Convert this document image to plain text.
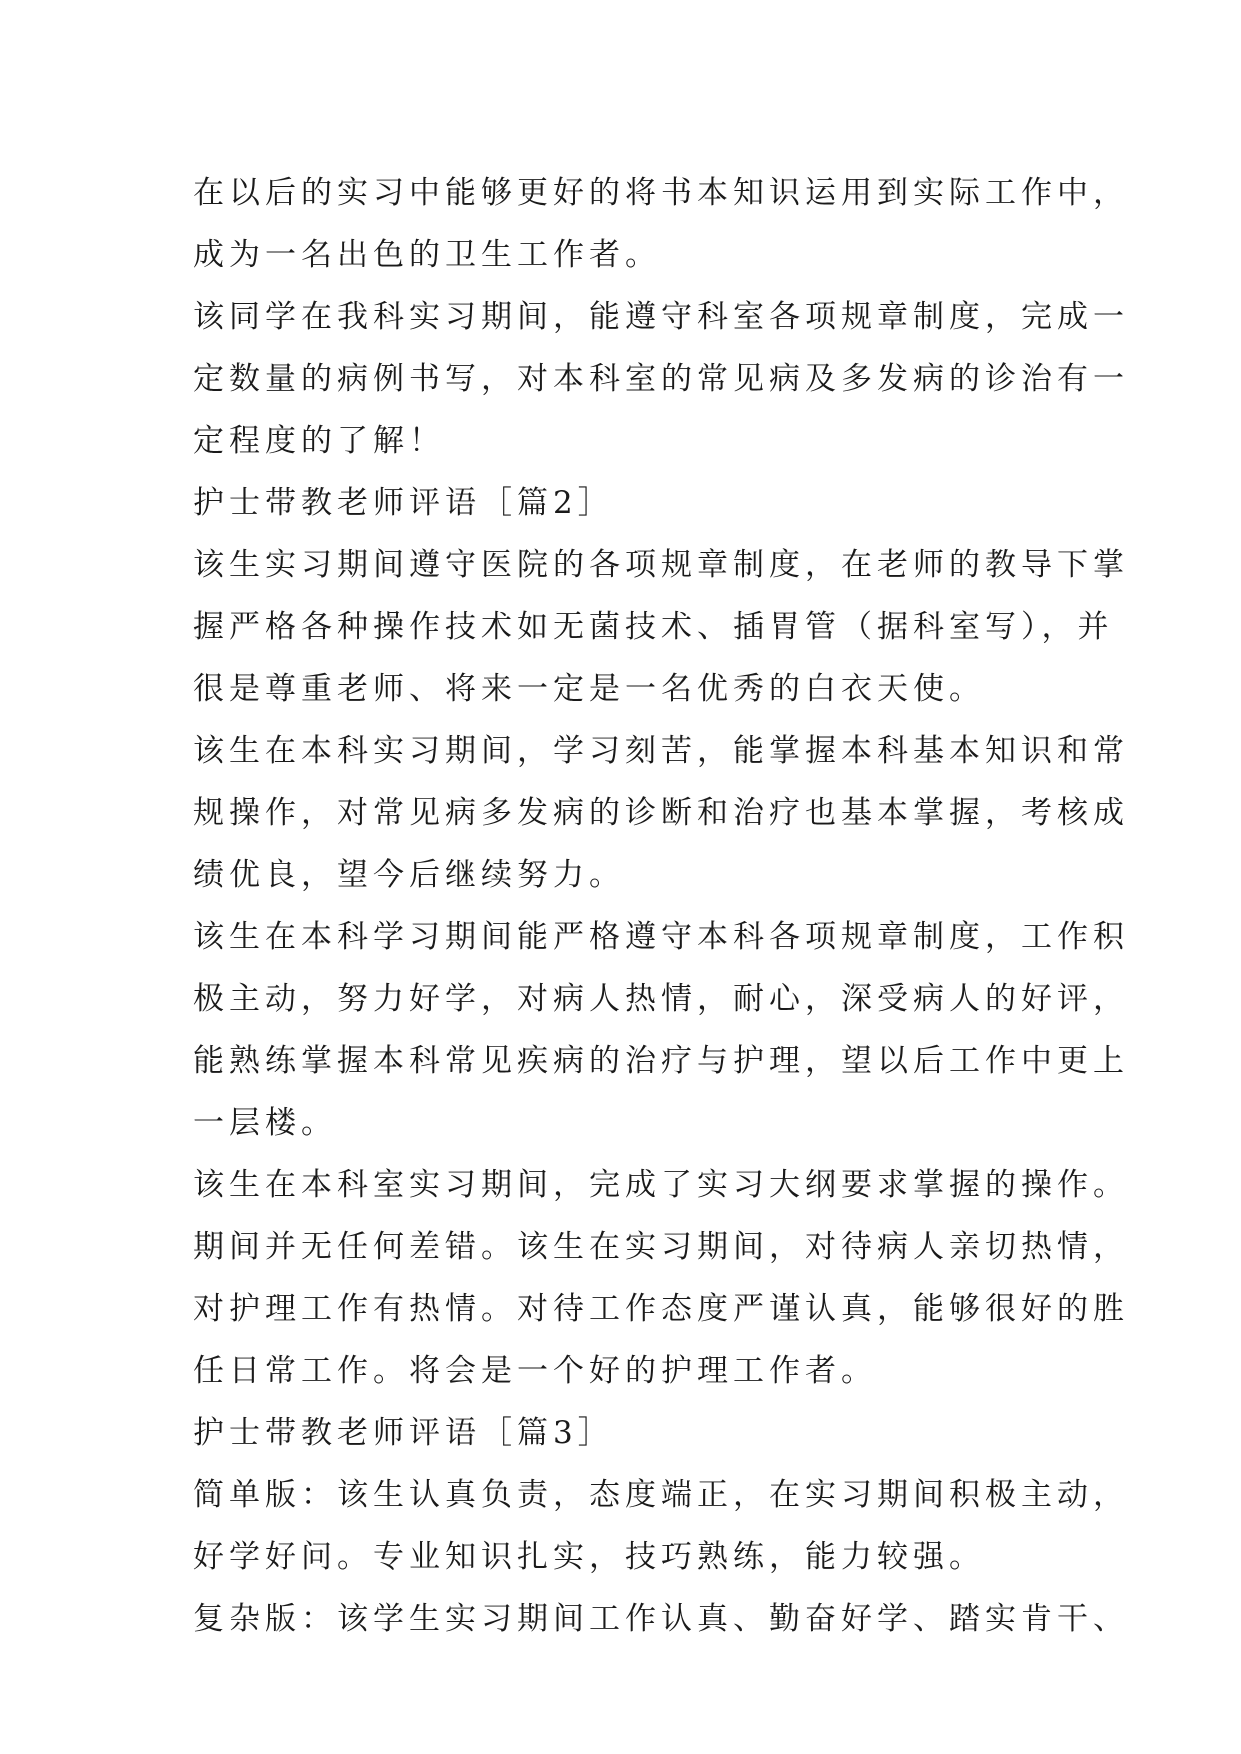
在以后的实习中能够更好的将书本知识运用到实际工作中，
成为一名出色的卫生工作者。
该同学在我科实习期间，能遵守科室各项规章制度，完成一
定数量的病例书写，对本科室的常见病及多发病的诊治有一
定程度的了解！
护士带教老师评语［篇2］
该生实习期间遵守医院的各项规章制度，在老师的教导下掌
握严格各种操作技术如无菌技术、插胃管（据科室写），并
很是尊重老师、将来一定是一名优秀的白衣天使。
该生在本科实习期间，学习刻苦，能掌握本科基本知识和常
规操作，对常见病多发病的诊断和治疗也基本掌握，考核成
绩优良，望今后继续努力。
该生在本科学习期间能严格遵守本科各项规章制度，工作积
极主动，努力好学，对病人热情，耐心，深受病人的好评，
能熟练掌握本科常见疾病的治疗与护理，望以后工作中更上
一层楼。
该生在本科室实习期间，完成了实习大纲要求掌握的操作。
期间并无任何差错。该生在实习期间，对待病人亲切热情，
对护理工作有热情。对待工作态度严谨认真，能够很好的胜
任日常工作。将会是一个好的护理工作者。
护士带教老师评语［篇3］
简单版：该生认真负责，态度端正，在实习期间积极主动，
好学好问。专业知识扎实，技巧熟练，能力较强。
复杂版：该学生实习期间工作认真、勤奋好学、踏实肯干、
